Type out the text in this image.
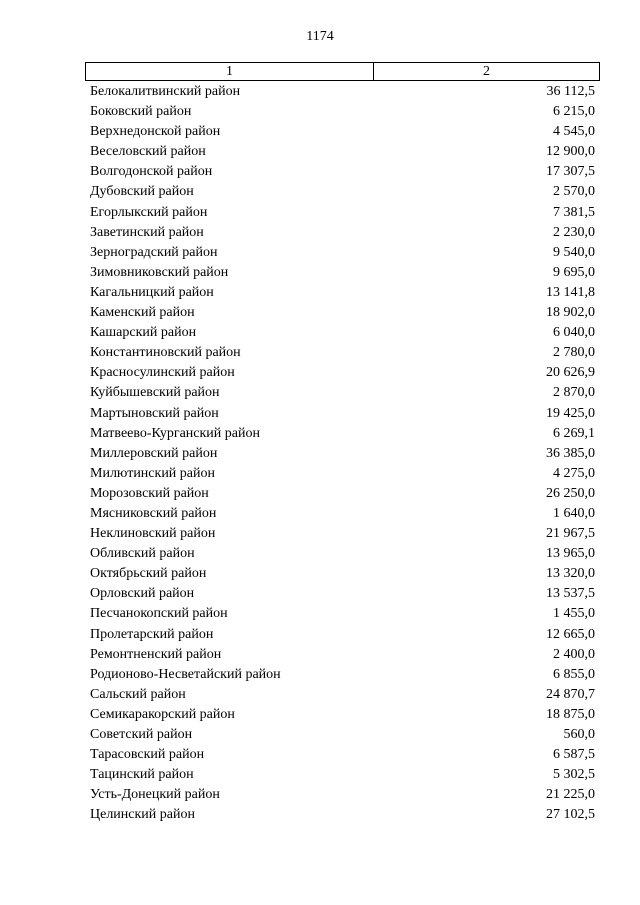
1174
1	2
Белокалитвинский район	36 112,5
Боковский район	6 215,0
Верхнедонской район	4 545,0
Веселовский район	12 900,0
Волгодонской район	17 307,5
Дубовский район	2 570,0
Егорлыкский район	7 381,5
Заветинский район	2 230,0
Зерноградский район	9 540,0
Зимовниковский район	9 695,0
Кагальницкий район	13 141,8
Каменский район	18 902,0
Кашарский район	6 040,0
Константиновский район	2 780,0
Красносулинский район	20 626,9
Куйбышевский район	2 870,0
Мартыновский район	19 425,0
Матвеево-Курганский район	6 269,1
Миллеровский район	36 385,0
Милютинский район	4 275,0
Морозовский район	26 250,0
Мясниковский район	1 640,0
Неклиновский район	21 967,5
Обливский район	13 965,0
Октябрьский район	13 320,0
Орловский район	13 537,5
Песчанокопский район	1 455,0
Пролетарский район	12 665,0
Ремонтненский район	2 400,0
Родионово-Несветайский район	6 855,0
Сальский район	24 870,7
Семикаракорский район	18 875,0
Советский район	560,0
Тарасовский район	6 587,5
Тацинский район	5 302,5
Усть-Донецкий район	21 225,0
Целинский район	27 102,5
